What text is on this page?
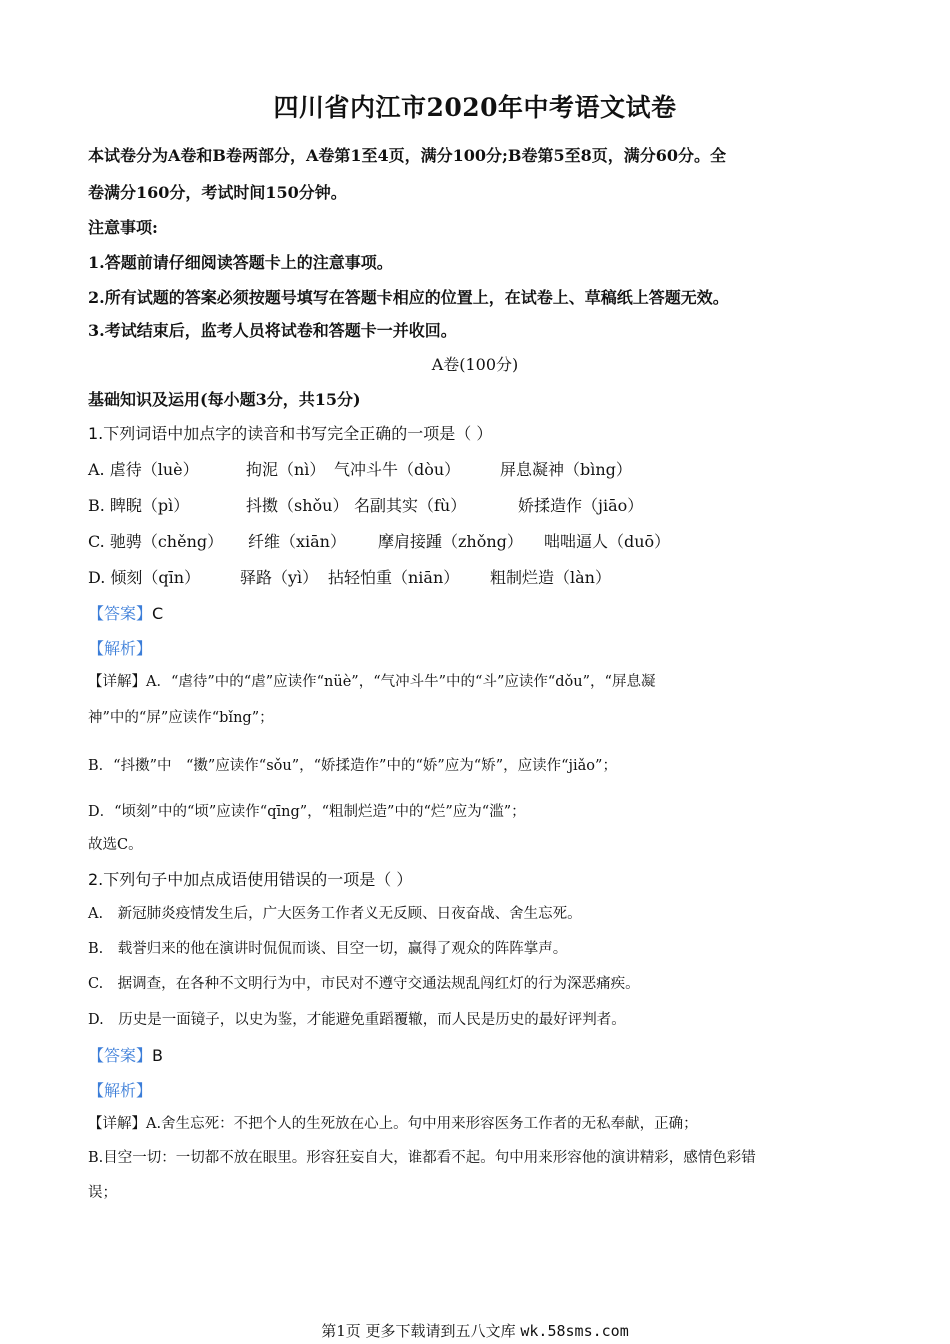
四川省内江市2020年中考语文试卷
本试卷分为A卷和B卷两部分，A卷第1至4页，满分100分;B卷第5至8页，满分60分。全
卷满分160分，考试时间150分钟。
注意事项:
1.答题前请仔细阅读答题卡上的注意事项。
2.所有试题的答案必须按题号填写在答题卡相应的位置上，在试卷上、草稿纸上答题无效。
3.考试结束后，监考人员将试卷和答题卡一并收回。
A卷(100分)
基础知识及运用(每小题3分，共15分)
1.下列词语中加点字的读音和书写完全正确的一项是（ ）
A. 虐待（luè）	拘泥（nì） 气冲斗牛（dòu） 屏息凝神（bìng）
B. 睥睨（pì）	抖擞（shǒu） 名副其实（fù）	娇揉造作（jiāo）
C. 驰骋（chěng） 纤维（xiān） 摩肩接踵（zhǒng） 咄咄逼人（duō）
D. 倾刻（qīn） 驿路（yì） 拈轻怕重（niān） 粗制烂造（làn）
【答案】C
【解析】
【详解】A．“虐待”中的“虐”应读作“nüè”，“气冲斗牛”中的“斗”应读作“dǒu”，“屏息凝
神”中的“屏”应读作“bǐng”；
B．“抖擞”中　“擞”应读作“sǒu”，“娇揉造作”中的“娇”应为“矫”，应读作“jiǎo”；
D．“顷刻”中的“顷”应读作“qīng”，“粗制烂造”中的“烂”应为“滥”；
故选C。
2.下列句子中加点成语使用错误的一项是（ ）
A.　新冠肺炎疫情发生后，广大医务工作者义无反顾、日夜奋战、舍生忘死。
B.　载誉归来的他在演讲时侃侃而谈、目空一切，赢得了观众的阵阵掌声。
C.　据调查，在各种不文明行为中，市民对不遵守交通法规乱闯红灯的行为深恶痛疾。
D.　历史是一面镜子，以史为鉴，才能避免重蹈覆辙，而人民是历史的最好评判者。
【答案】B
【解析】
【详解】A.舍生忘死：不把个人的生死放在心上。句中用来形容医务工作者的无私奉献，正确；
B.目空一切：一切都不放在眼里。形容狂妄自大，谁都看不起。句中用来形容他的演讲精彩，感情色彩错
误；
第1页 更多下载请到五八文库 wk.58sms.com
